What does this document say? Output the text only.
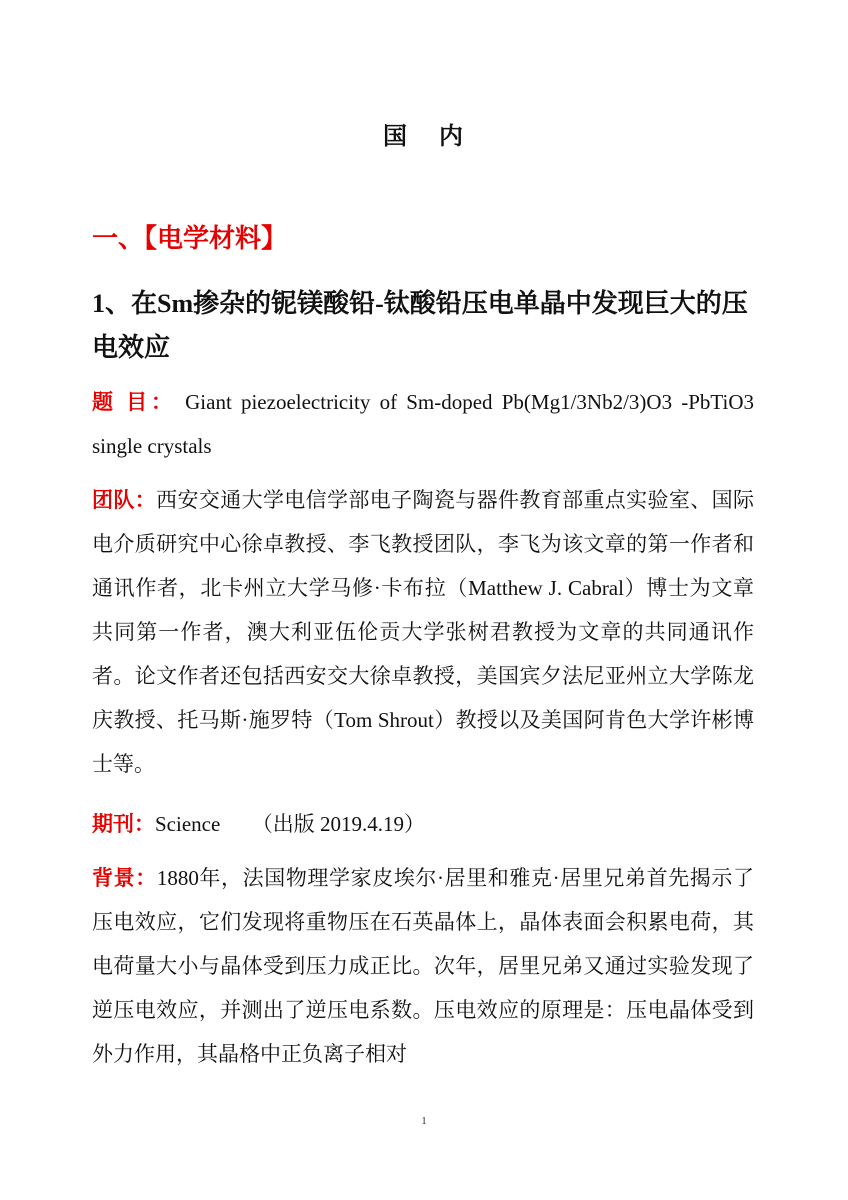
国 内
一、【电学材料】
1、在Sm掺杂的铌镁酸铅-钛酸铅压电单晶中发现巨大的压电效应
题 目： Giant piezoelectricity of Sm-doped Pb(Mg1/3Nb2/3)O3 -PbTiO3 single crystals
团队：西安交通大学电信学部电子陶瓷与器件教育部重点实验室、国际电介质研究中心徐卓教授、李飞教授团队，李飞为该文章的第一作者和通讯作者，北卡州立大学马修·卡布拉（Matthew J. Cabral）博士为文章共同第一作者，澳大利亚伍伦贡大学张树君教授为文章的共同通讯作者。论文作者还包括西安交大徐卓教授，美国宾夕法尼亚州立大学陈龙庆教授、托马斯·施罗特（Tom Shrout）教授以及美国阿肯色大学许彬博士等。
期刊：Science （出版 2019.4.19）
背景：1880年，法国物理学家皮埃尔·居里和雅克·居里兄弟首先揭示了压电效应，它们发现将重物压在石英晶体上，晶体表面会积累电荷，其电荷量大小与晶体受到压力成正比。次年，居里兄弟又通过实验发现了逆压电效应，并测出了逆压电系数。压电效应的原理是：压电晶体受到外力作用，其晶格中正负离子相对
1
